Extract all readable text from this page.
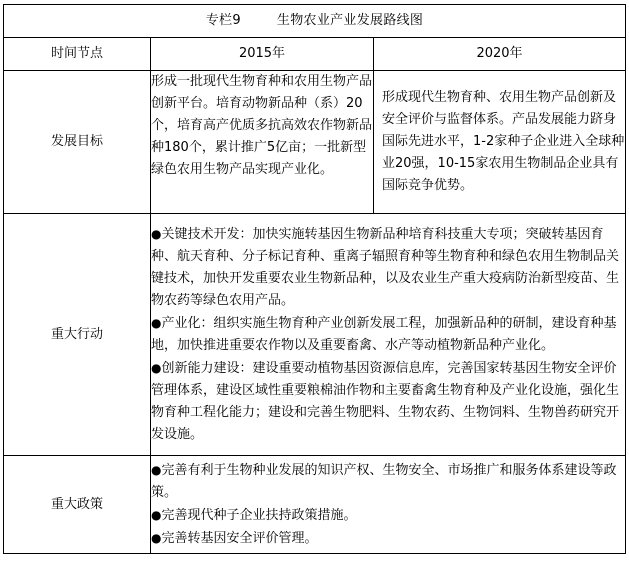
专栏9 生物农业产业发展路线图		
时间节点	2015年	2020年
发展目标	形成一批现代生物育种和农用生物产品创新平台。培育动物新品种（系）20个，培育高产优质多抗高效农作物新品种180个，累计推广5亿亩；一批新型绿色农用生物产品实现产业化。	形成现代生物育种、农用生物产品创新及安全评价与监督体系。产品发展能力跻身国际先进水平，1-2家种子企业进入全球种业20强，10-15家农用生物制品企业具有国际竞争优势。
重大行动	●关键技术开发：加快实施转基因生物新品种培育科技重大专项；突破转基因育种、航天育种、分子标记育种、重离子辐照育种等生物育种和绿色农用生物制品关键技术，加快开发重要农业生物新品种，以及农业生产重大疫病防治新型疫苗、生物农药等绿色农用产品。

●产业化：组织实施生物育种产业创新发展工程，加强新品种的研制，建设育种基地，加快推进重要农作物以及重要畜禽、水产等动植物新品种产业化。

●创新能力建设：建设重要动植物基因资源信息库，完善国家转基因生物安全评价管理体系，建设区域性重要粮棉油作物和主要畜禽生物育种及产业化设施，强化生物育种工程化能力；建设和完善生物肥料、生物农药、生物饲料、生物兽药研究开发设施。	

重大政策	●完善有利于生物种业发展的知识产权、生物安全、市场推广和服务体系建设等政策。

●完善现代种子企业扶持政策措施。

●完善转基因安全评价管理。	
